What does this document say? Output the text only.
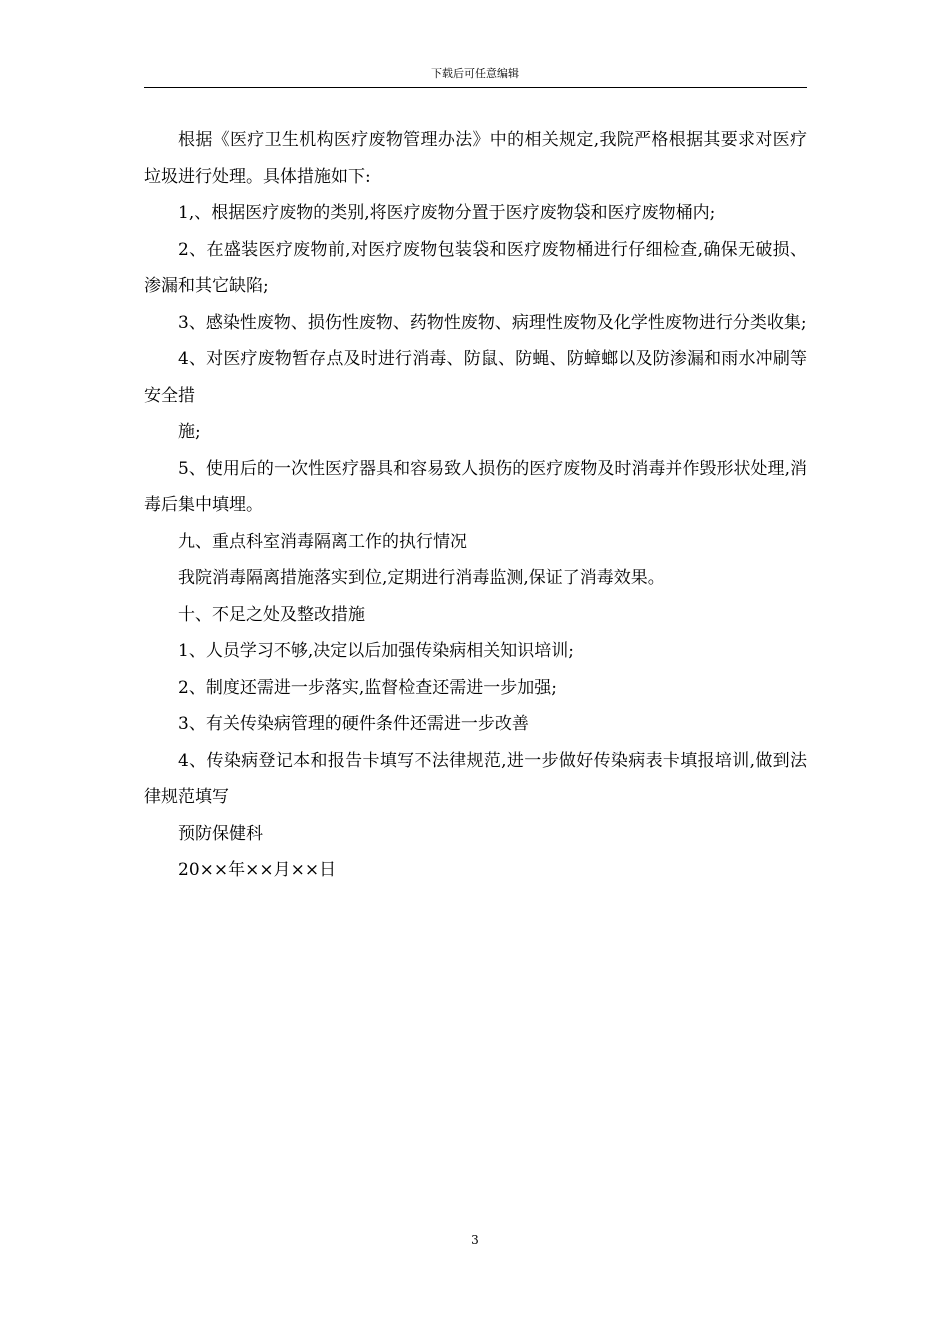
下载后可任意编辑

根据《医疗卫生机构医疗废物管理办法》中的相关规定,我院严格根据其要求对医疗垃圾进行处理。具体措施如下:

1,、根据医疗废物的类别,将医疗废物分置于医疗废物袋和医疗废物桶内;

2、在盛装医疗废物前,对医疗废物包装袋和医疗废物桶进行仔细检查,确保无破损、渗漏和其它缺陷;

3、感染性废物、损伤性废物、药物性废物、病理性废物及化学性废物进行分类收集;

4、对医疗废物暂存点及时进行消毒、防鼠、防蝇、防蟑螂以及防渗漏和雨水冲刷等安全措

施;

5、使用后的一次性医疗器具和容易致人损伤的医疗废物及时消毒并作毁形状处理,消毒后集中填埋。

九、重点科室消毒隔离工作的执行情况

我院消毒隔离措施落实到位,定期进行消毒监测,保证了消毒效果。

十、不足之处及整改措施

1、人员学习不够,决定以后加强传染病相关知识培训;

2、制度还需进一步落实,监督检查还需进一步加强;

3、有关传染病管理的硬件条件还需进一步改善

4、传染病登记本和报告卡填写不法律规范,进一步做好传染病表卡填报培训,做到法律规范填写

预防保健科

20××年××月××日

3
